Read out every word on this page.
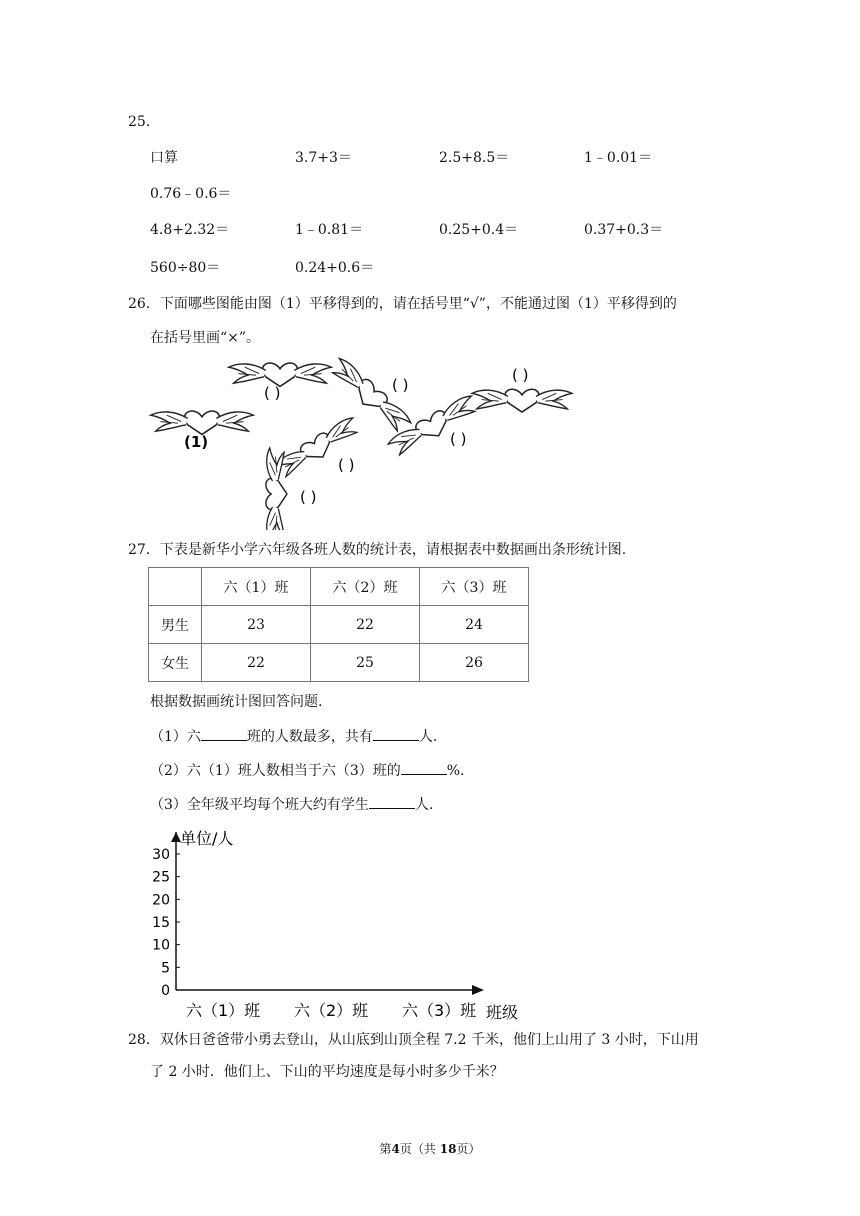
25.
口算	3.7+3＝	2.5+8.5＝	1﹣0.01＝
0.76﹣0.6＝
4.8+2.32＝	1﹣0.81＝	0.25+0.4＝	0.37+0.3＝
560÷80＝	0.24+0.6＝
26．下面哪些图能由图（1）平移得到的，请在括号里“√”，不能通过图（1）平移得到的
在括号里画“×”。
(1)
( )	( )
( )
( )
( )
( )
27．下表是新华小学六年级各班人数的统计表，请根据表中数据画出条形统计图.
	六（1）班	六（2）班	六（3）班
男生	23	22	24
女生	22	25	26
根据数据画统计图回答问题.
（1）六	班的人数最多，共有	人.
（2）六（1）班人数相当于六（3）班的	%.
（3）全年级平均每个班大约有学生	人.
单位/人
0
5
10
15
20
25
30
六（1）班 六（2）班 六（3）班 班级
28．双休日爸爸带小勇去登山，从山底到山顶全程 7.2 千米，他们上山用了 3 小时，下山用
了 2 小时．他们上、下山的平均速度是每小时多少千米？
第4页（共 18页）
